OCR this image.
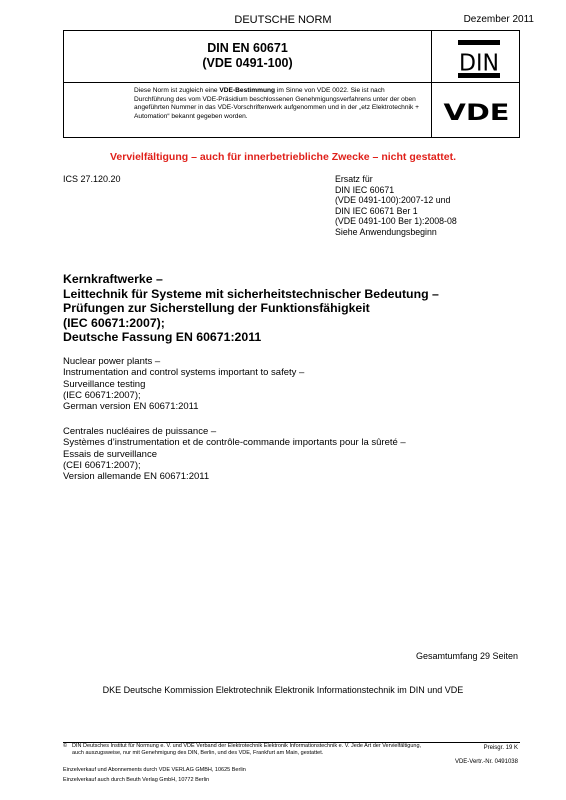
DEUTSCHE NORM	Dezember 2011
DIN EN 60671
(VDE 0491-100)
Diese Norm ist zugleich eine VDE-Bestimmung im Sinne von VDE 0022. Sie ist nach Durchführung des vom VDE-Präsidium beschlossenen Genehmigungsverfahrens unter der oben angeführten Nummer in das VDE-Vorschriftenwerk aufgenommen und in der „etz Elektrotechnik + Automation“ bekannt gegeben worden.
DIN
VDE
Vervielfältigung – auch für innerbetriebliche Zwecke – nicht gestattet.
ICS 27.120.20	Ersatz für
DIN IEC 60671
(VDE 0491-100):2007-12 und
DIN IEC 60671 Ber 1
(VDE 0491-100 Ber 1):2008-08
Siehe Anwendungsbeginn
Kernkraftwerke –
Leittechnik für Systeme mit sicherheitstechnischer Bedeutung –
Prüfungen zur Sicherstellung der Funktionsfähigkeit
(IEC 60671:2007);
Deutsche Fassung EN 60671:2011
Nuclear power plants –
Instrumentation and control systems important to safety –
Surveillance testing
(IEC 60671:2007);
German version EN 60671:2011
Centrales nucléaires de puissance –
Systèmes d’instrumentation et de contrôle-commande importants pour la sûreté –
Essais de surveillance
(CEI 60671:2007);
Version allemande EN 60671:2011
Gesamtumfang 29 Seiten
DKE Deutsche Kommission Elektrotechnik Elektronik Informationstechnik im DIN und VDE
© DIN Deutsches Institut für Normung e. V. und VDE Verband der Elektrotechnik Elektronik Informationstechnik e. V. Jede Art der Vervielfältigung, auch auszugsweise, nur mit Genehmigung des DIN, Berlin, und des VDE, Frankfurt am Main, gestattet.
Preisgr. 19 K
VDE-Vertr.-Nr. 0491038
Einzelverkauf und Abonnements durch VDE VERLAG GMBH, 10625 Berlin
Einzelverkauf auch durch Beuth Verlag GmbH, 10772 Berlin
